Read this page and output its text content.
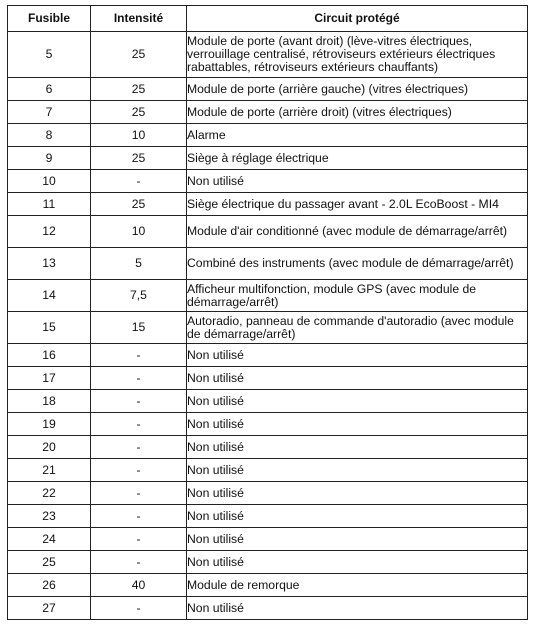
Fusible	Intensité	Circuit protégé
5	25	Module de porte (avant droit) (lève-vitres électriques, verrouillage centralisé, rétroviseurs extérieurs électriques rabattables, rétroviseurs extérieurs chauffants)
6	25	Module de porte (arrière gauche) (vitres électriques)
7	25	Module de porte (arrière droit) (vitres électriques)
8	10	Alarme
9	25	Siège à réglage électrique
10	-	Non utilisé
11	25	Siège électrique du passager avant - 2.0L EcoBoost - MI4
12	10	Module d'air conditionné (avec module de démarrage/arrêt)
13	5	Combiné des instruments (avec module de démarrage/arrêt)
14	7,5	Afficheur multifonction, module GPS (avec module de démarrage/arrêt)
15	15	Autoradio, panneau de commande d'autoradio (avec module de démarrage/arrêt)
16	-	Non utilisé
17	-	Non utilisé
18	-	Non utilisé
19	-	Non utilisé
20	-	Non utilisé
21	-	Non utilisé
22	-	Non utilisé
23	-	Non utilisé
24	-	Non utilisé
25	-	Non utilisé
26	40	Module de remorque
27	-	Non utilisé
